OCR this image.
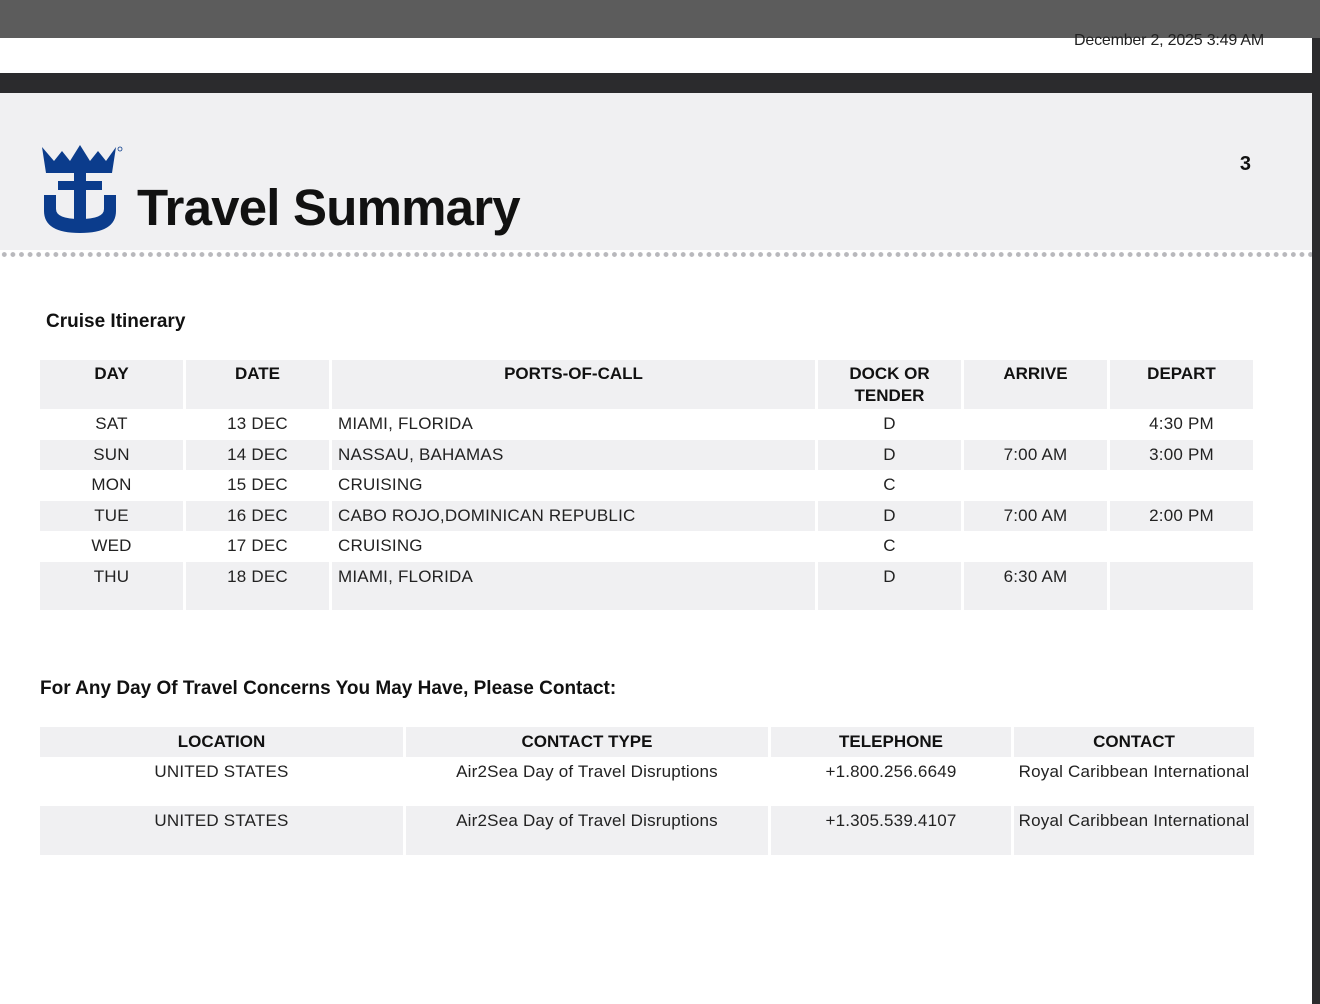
December 2, 2025 3:49 AM
Travel Summary
3
Cruise Itinerary
DAY	DATE	PORTS-OF-CALL	DOCK OR TENDER	ARRIVE	DEPART
SAT	13 DEC	MIAMI, FLORIDA	D		4:30 PM
SUN	14 DEC	NASSAU, BAHAMAS	D	7:00 AM	3:00 PM
MON	15 DEC	CRUISING	C		
TUE	16 DEC	CABO ROJO,DOMINICAN REPUBLIC	D	7:00 AM	2:00 PM
WED	17 DEC	CRUISING	C		
THU	18 DEC	MIAMI, FLORIDA	D	6:30 AM	
For Any Day Of Travel Concerns You May Have, Please Contact:
LOCATION	CONTACT TYPE	TELEPHONE	CONTACT
UNITED STATES	Air2Sea Day of Travel Disruptions	+1.800.256.6649	Royal Caribbean International
UNITED STATES	Air2Sea Day of Travel Disruptions	+1.305.539.4107	Royal Caribbean International
